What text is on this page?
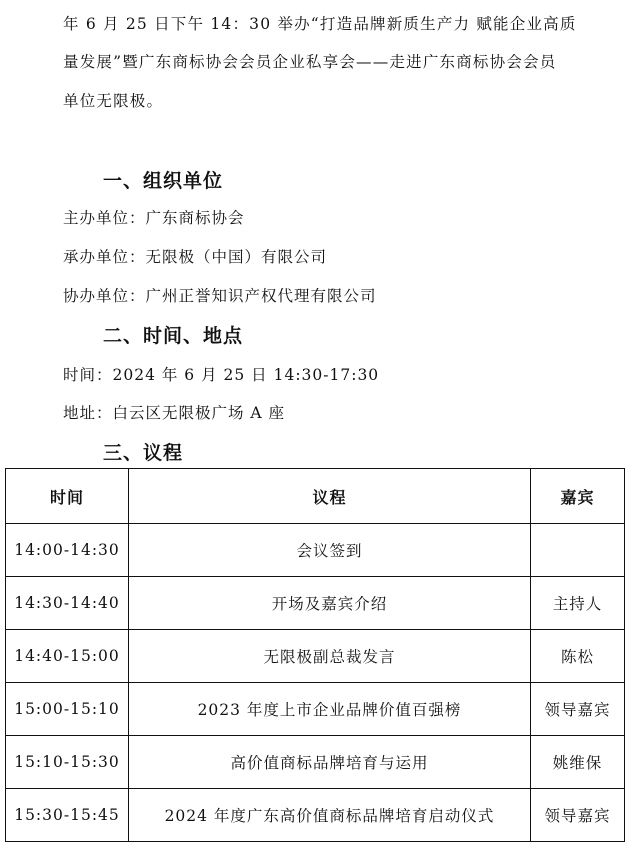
年 6 月 25 日下午 14：30 举办“打造品牌新质生产力 赋能企业高质
量发展”暨广东商标协会会员企业私享会——走进广东商标协会会员
单位无限极。
一、组织单位
主办单位：广东商标协会
承办单位：无限极（中国）有限公司
协办单位：广州正誉知识产权代理有限公司
二、时间、地点
时间：2024 年 6 月 25 日 14:30-17:30
地址：白云区无限极广场 A 座
三、议程
时间	议程	嘉宾
14:00-14:30	会议签到	
14:30-14:40	开场及嘉宾介绍	主持人
14:40-15:00	无限极副总裁发言	陈松
15:00-15:10	2023 年度上市企业品牌价值百强榜	领导嘉宾
15:10-15:30	高价值商标品牌培育与运用	姚维保
15:30-15:45	2024 年度广东高价值商标品牌培育启动仪式	领导嘉宾
